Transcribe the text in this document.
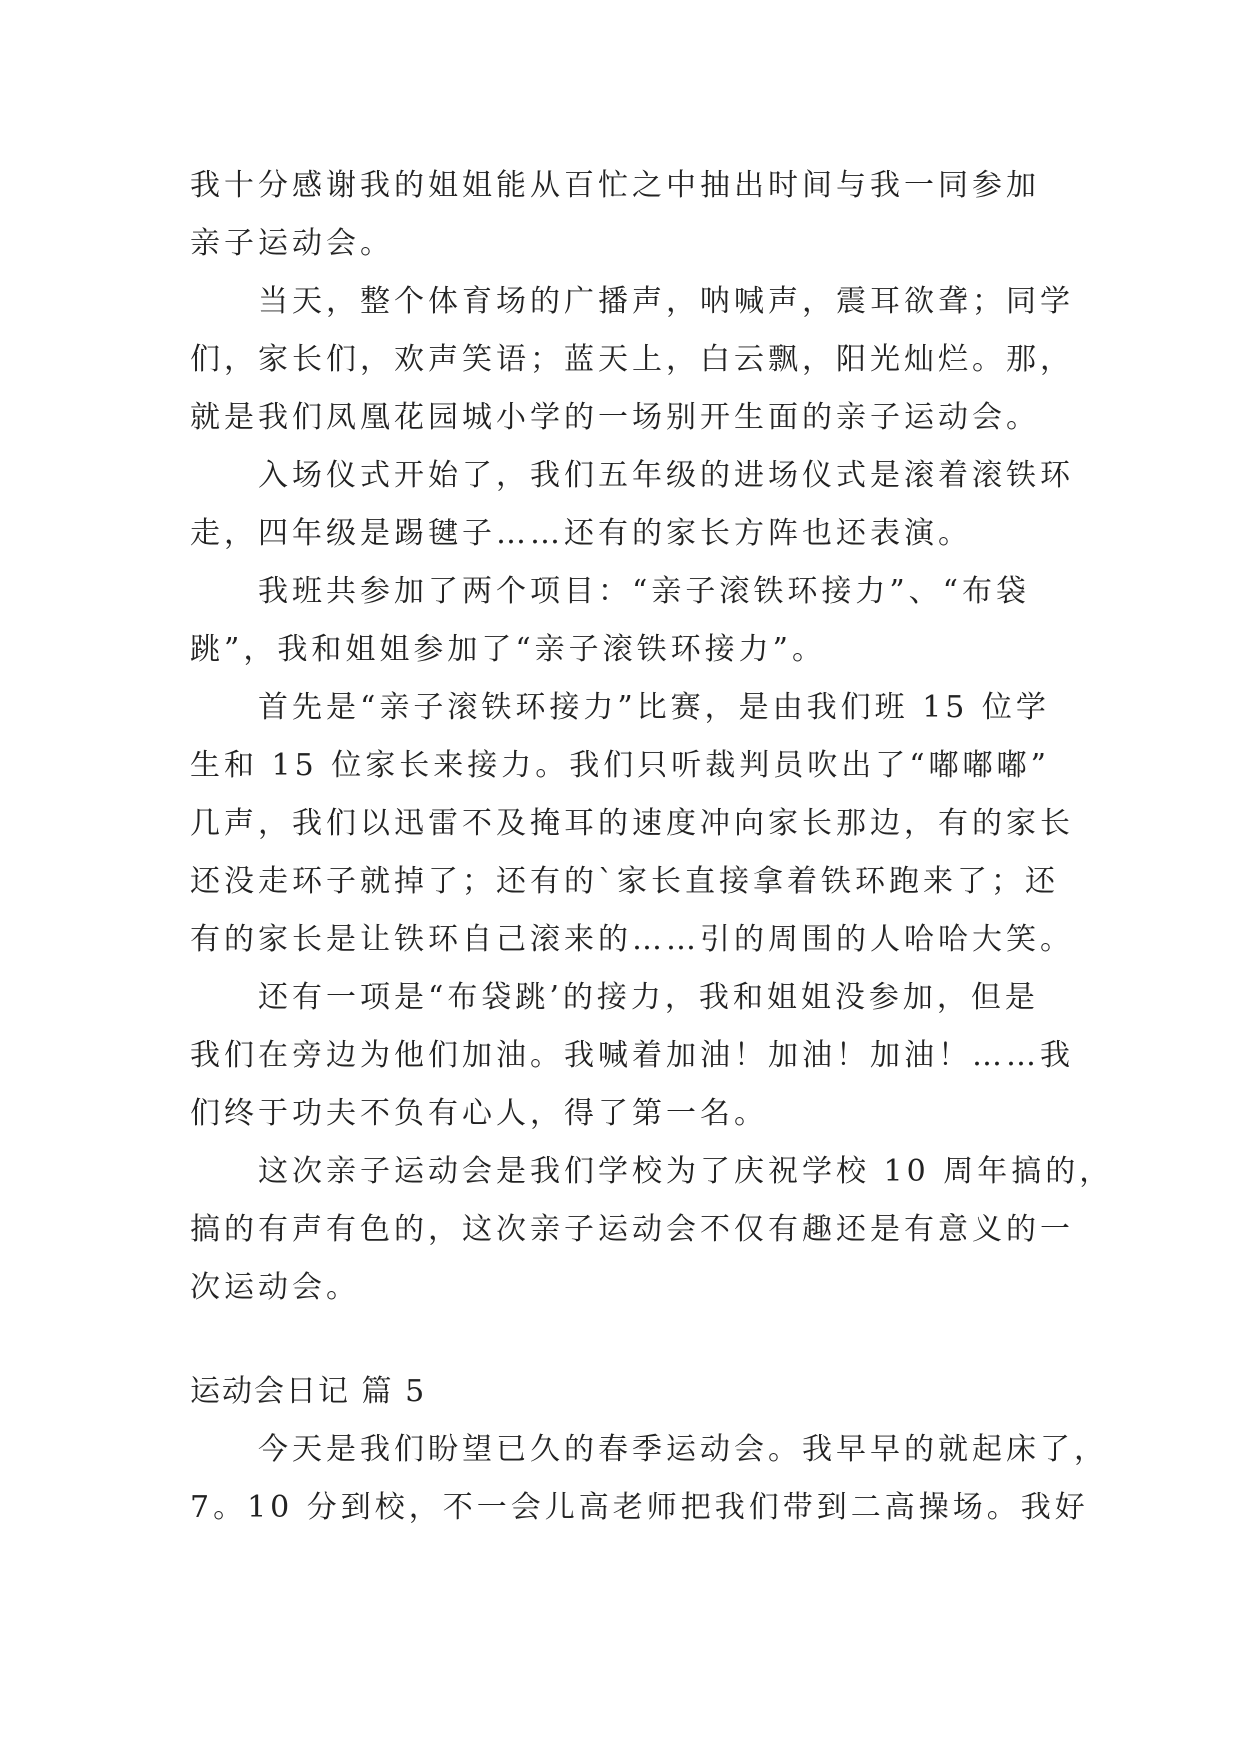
我十分感谢我的姐姐能从百忙之中抽出时间与我一同参加
亲子运动会。
当天，整个体育场的广播声，呐喊声，震耳欲聋；同学
们，家长们，欢声笑语；蓝天上，白云飘，阳光灿烂。那，
就是我们凤凰花园城小学的一场别开生面的亲子运动会。
入场仪式开始了，我们五年级的进场仪式是滚着滚铁环
走，四年级是踢毽子……还有的家长方阵也还表演。
我班共参加了两个项目：“亲子滚铁环接力”、“布袋
跳”，我和姐姐参加了“亲子滚铁环接力”。
首先是“亲子滚铁环接力”比赛，是由我们班 15 位学
生和 15 位家长来接力。我们只听裁判员吹出了“嘟嘟嘟”
几声，我们以迅雷不及掩耳的速度冲向家长那边，有的家长
还没走环子就掉了；还有的`家长直接拿着铁环跑来了；还
有的家长是让铁环自己滚来的……引的周围的人哈哈大笑。
还有一项是“布袋跳’的接力，我和姐姐没参加，但是
我们在旁边为他们加油。我喊着加油！加油！加油！……我
们终于功夫不负有心人，得了第一名。
这次亲子运动会是我们学校为了庆祝学校 10 周年搞的，
搞的有声有色的，这次亲子运动会不仅有趣还是有意义的一
次运动会。
运动会日记 篇 5
今天是我们盼望已久的春季运动会。我早早的就起床了，
7。10 分到校，不一会儿高老师把我们带到二高操场。我好
